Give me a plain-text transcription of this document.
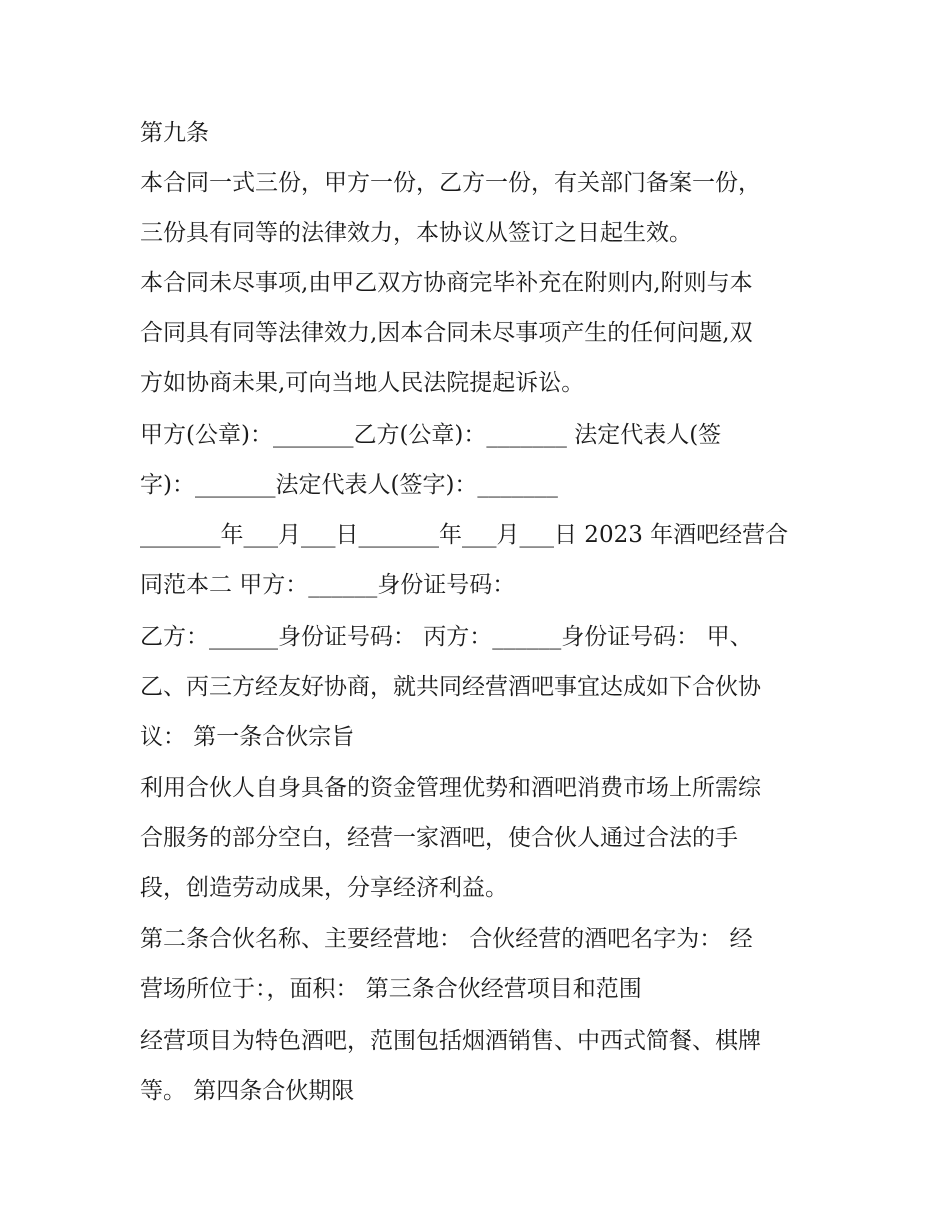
第九条
本合同一式三份，甲方一份，乙方一份，有关部门备案一份，
三份具有同等的法律效力，本协议从签订之日起生效。
本合同未尽事项,由甲乙双方协商完毕补充在附则内,附则与本
合同具有同等法律效力,因本合同未尽事项产生的任何问题,双
方如协商未果,可向当地人民法院提起诉讼。
甲方(公章)：_______乙方(公章)：_______ 法定代表人(签
字)：_______法定代表人(签字)：_______
_______年___月___日_______年___月___日 2023 年酒吧经营合
同范本二 甲方：______身份证号码：
乙方：______身份证号码： 丙方：______身份证号码： 甲、
乙、丙三方经友好协商，就共同经营酒吧事宜达成如下合伙协
议： 第一条合伙宗旨
利用合伙人自身具备的资金管理优势和酒吧消费市场上所需综
合服务的部分空白，经营一家酒吧，使合伙人通过合法的手
段，创造劳动成果，分享经济利益。
第二条合伙名称、主要经营地： 合伙经营的酒吧名字为： 经
营场所位于：，面积： 第三条合伙经营项目和范围
经营项目为特色酒吧，范围包括烟酒销售、中西式简餐、棋牌
等。 第四条合伙期限
